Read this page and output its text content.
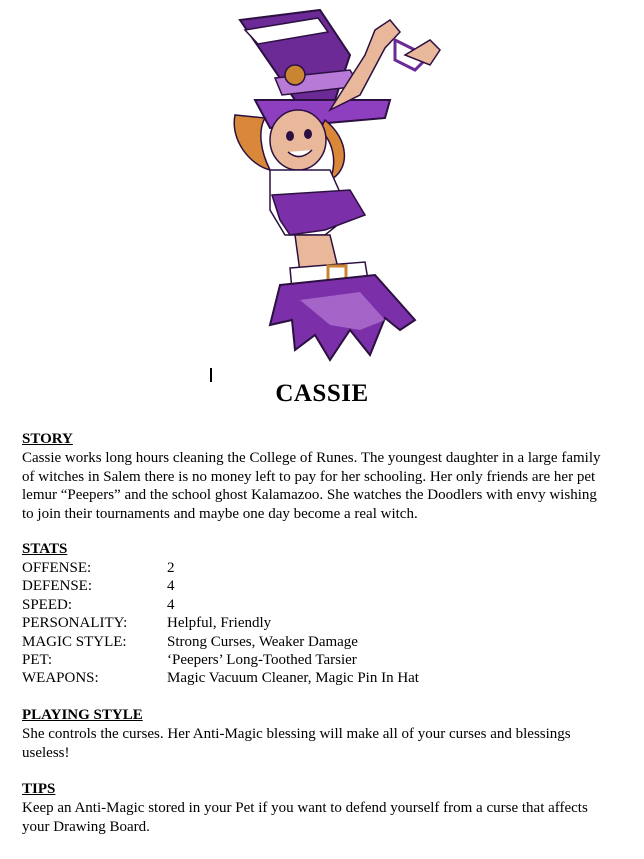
CASSIE
STORY
Cassie works long hours cleaning the College of Runes. The youngest daughter in a large family
of witches in Salem there is no money left to pay for her schooling. Her only friends are her pet
lemur “Peepers” and the school ghost Kalamazoo. She watches the Doodlers with envy wishing
to join their tournaments and maybe one day become a real witch.
STATS
OFFENSE:	2
DEFENSE:	4
SPEED:	4
PERSONALITY:	Helpful, Friendly
MAGIC STYLE:	Strong Curses, Weaker Damage
PET:	‘Peepers’ Long-Toothed Tarsier
WEAPONS:	Magic Vacuum Cleaner, Magic Pin In Hat
PLAYING STYLE
She controls the curses. Her Anti-Magic blessing will make all of your curses and blessings
useless!
TIPS
Keep an Anti-Magic stored in your Pet if you want to defend yourself from a curse that affects
your Drawing Board.
